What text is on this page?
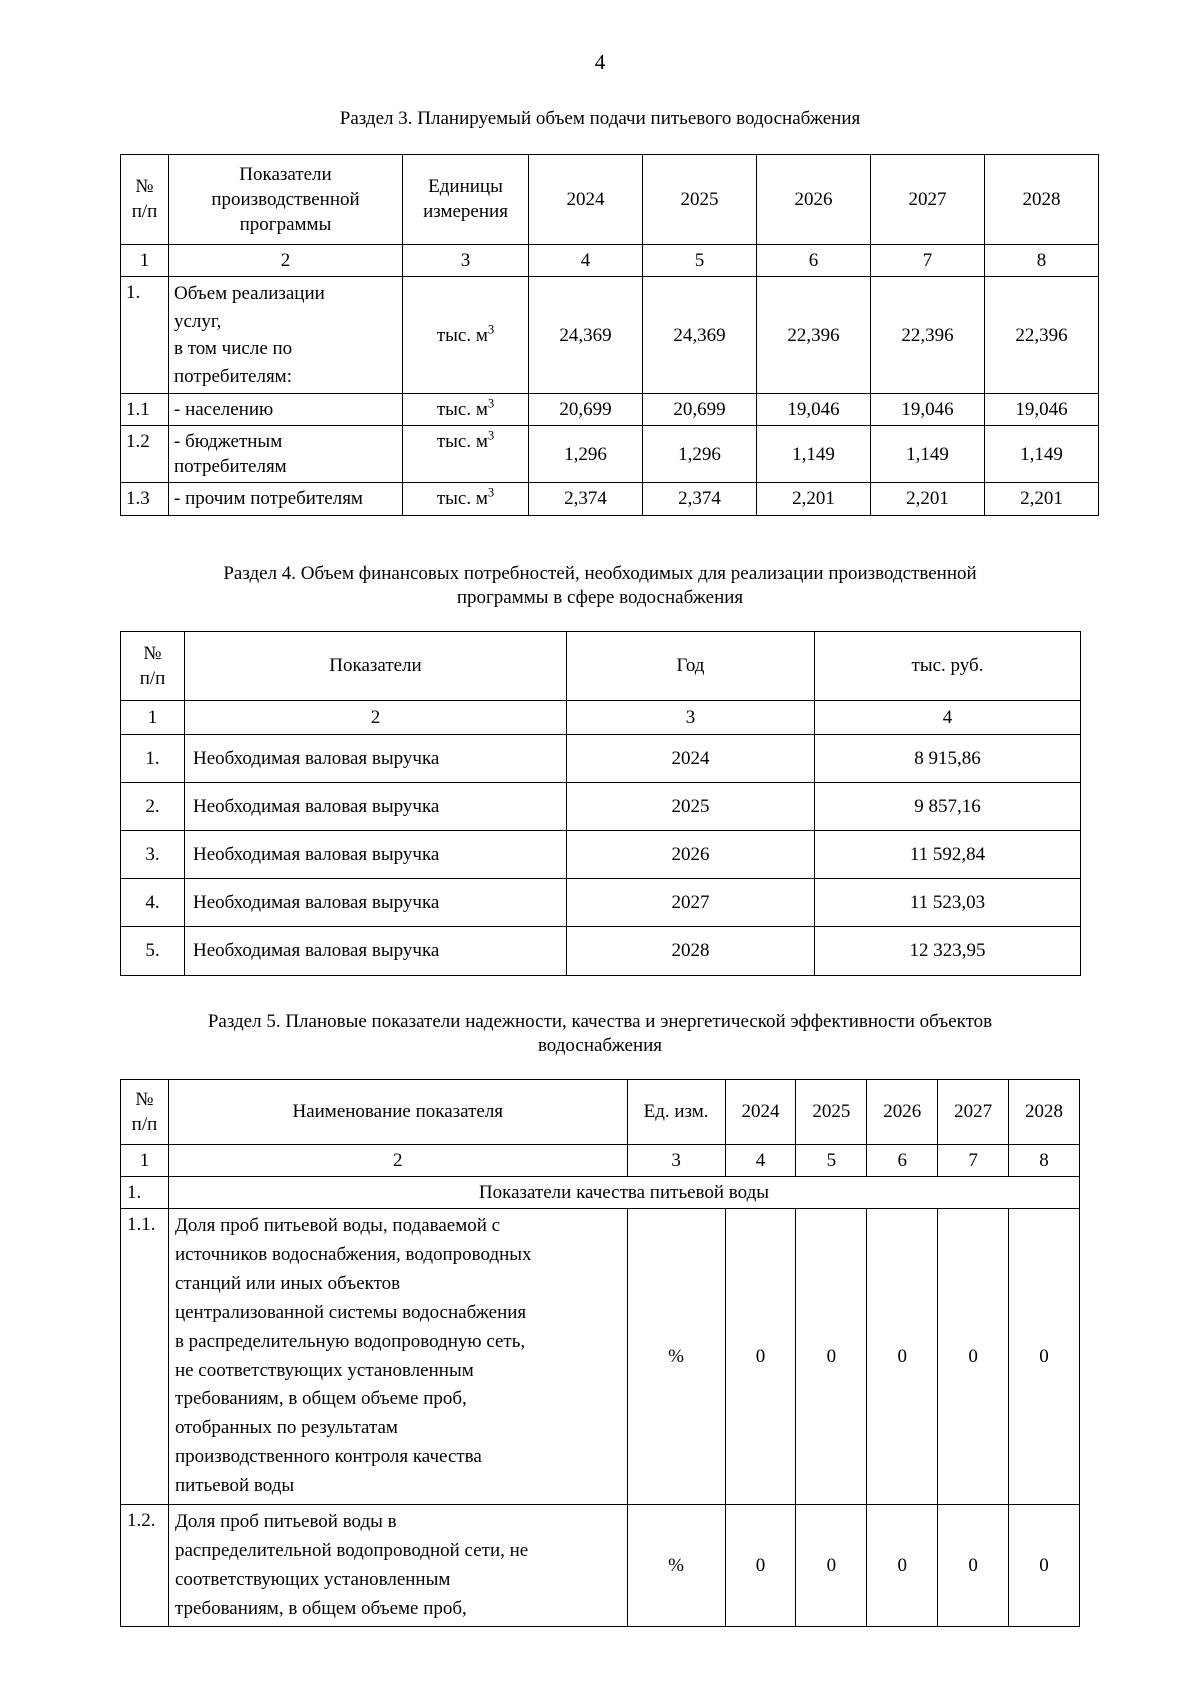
4
Раздел 3. Планируемый объем подачи питьевого водоснабжения
№
п/п	Показатели
производственной
программы	Единицы
измерения	2024	2025	2026	2027	2028
1	2	3	4	5	6	7	8
1.	Объем реализации
услуг,
в том числе по
потребителям:	тыс. $м^3$	24,369	24,369	22,396	22,396	22,396
1.1	- населению	тыс. $м^3$	20,699	20,699	19,046	19,046	19,046
1.2	- бюджетным
потребителям	тыс. $м^3$	1,296	1,296	1,149	1,149	1,149
1.3	- прочим потребителям	тыс. $м^3$	2,374	2,374	2,201	2,201	2,201
Раздел 4. Объем финансовых потребностей, необходимых для реализации производственной
программы в сфере водоснабжения
№
п/п	Показатели	Год	тыс. руб.
1	2	3	4
1.	Необходимая валовая выручка	2024	8 915,86
2.	Необходимая валовая выручка	2025	9 857,16
3.	Необходимая валовая выручка	2026	11 592,84
4.	Необходимая валовая выручка	2027	11 523,03
5.	Необходимая валовая выручка	2028	12 323,95
Раздел 5. Плановые показатели надежности, качества и энергетической эффективности объектов
водоснабжения
№
п/п	Наименование показателя	Ед. изм.	2024	2025	2026	2027	2028
1	2	3	4	5	6	7	8
1.	Показатели качества питьевой воды						
1.1.	Доля проб питьевой воды, подаваемой с
источников водоснабжения, водопроводных
станций или иных объектов
централизованной системы водоснабжения
в распределительную водопроводную сеть,
не соответствующих установленным
требованиям, в общем объеме проб,
отобранных по результатам
производственного контроля качества
питьевой воды	%	0	0	0	0	0
1.2.	Доля проб питьевой воды в
распределительной водопроводной сети, не
соответствующих установленным
требованиям, в общем объеме проб,	%	0	0	0	0	0
